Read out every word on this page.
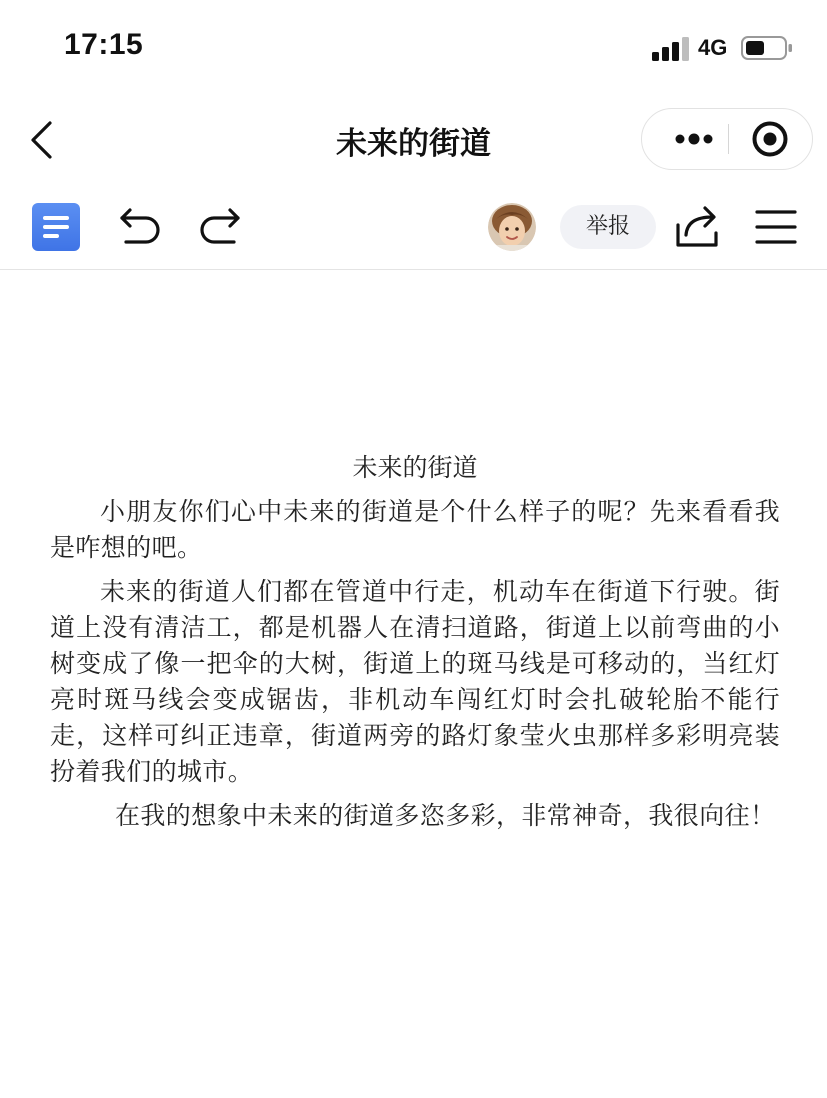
17:15	4G
未来的街道
举报
未来的街道

小朋友你们心中未来的街道是个什么样子的呢？先来看看我是咋想的吧。

未来的街道人们都在管道中行走，机动车在街道下行驶。街道上没有清洁工，都是机器人在清扫道路，街道上以前弯曲的小树变成了像一把伞的大树，街道上的斑马线是可移动的，当红灯亮时斑马线会变成锯齿，非机动车闯红灯时会扎破轮胎不能行走，这样可纠正违章，街道两旁的路灯象莹火虫那样多彩明亮装扮着我们的城市。

在我的想象中未来的街道多恣多彩，非常神奇，我很向往！
